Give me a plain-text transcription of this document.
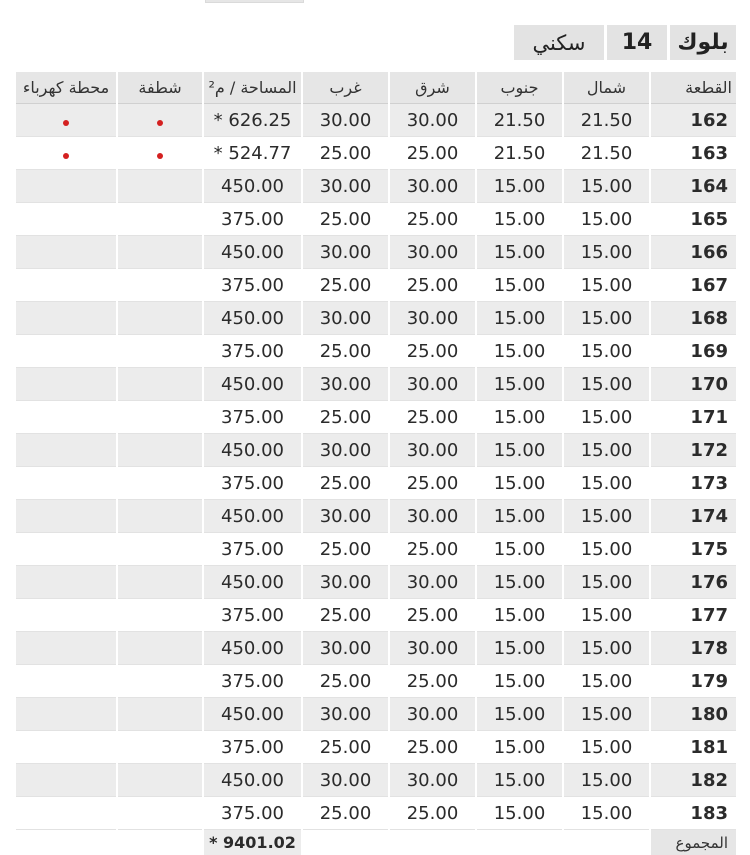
بلوك
14
سكني
القطعة	شمال	جنوب	شرق	غرب	المساحة / م²	شطفة	محطة كهرباء
162	21.50	21.50	30.00	30.00	626.25 *		
163	21.50	21.50	25.00	25.00	524.77 *		
164	15.00	15.00	30.00	30.00	450.00		
165	15.00	15.00	25.00	25.00	375.00		
166	15.00	15.00	30.00	30.00	450.00		
167	15.00	15.00	25.00	25.00	375.00		
168	15.00	15.00	30.00	30.00	450.00		
169	15.00	15.00	25.00	25.00	375.00		
170	15.00	15.00	30.00	30.00	450.00		
171	15.00	15.00	25.00	25.00	375.00		
172	15.00	15.00	30.00	30.00	450.00		
173	15.00	15.00	25.00	25.00	375.00		
174	15.00	15.00	30.00	30.00	450.00		
175	15.00	15.00	25.00	25.00	375.00		
176	15.00	15.00	30.00	30.00	450.00		
177	15.00	15.00	25.00	25.00	375.00		
178	15.00	15.00	30.00	30.00	450.00		
179	15.00	15.00	25.00	25.00	375.00		
180	15.00	15.00	30.00	30.00	450.00		
181	15.00	15.00	25.00	25.00	375.00		
182	15.00	15.00	30.00	30.00	450.00		
183	15.00	15.00	25.00	25.00	375.00		
المجموع					9401.02 *		
